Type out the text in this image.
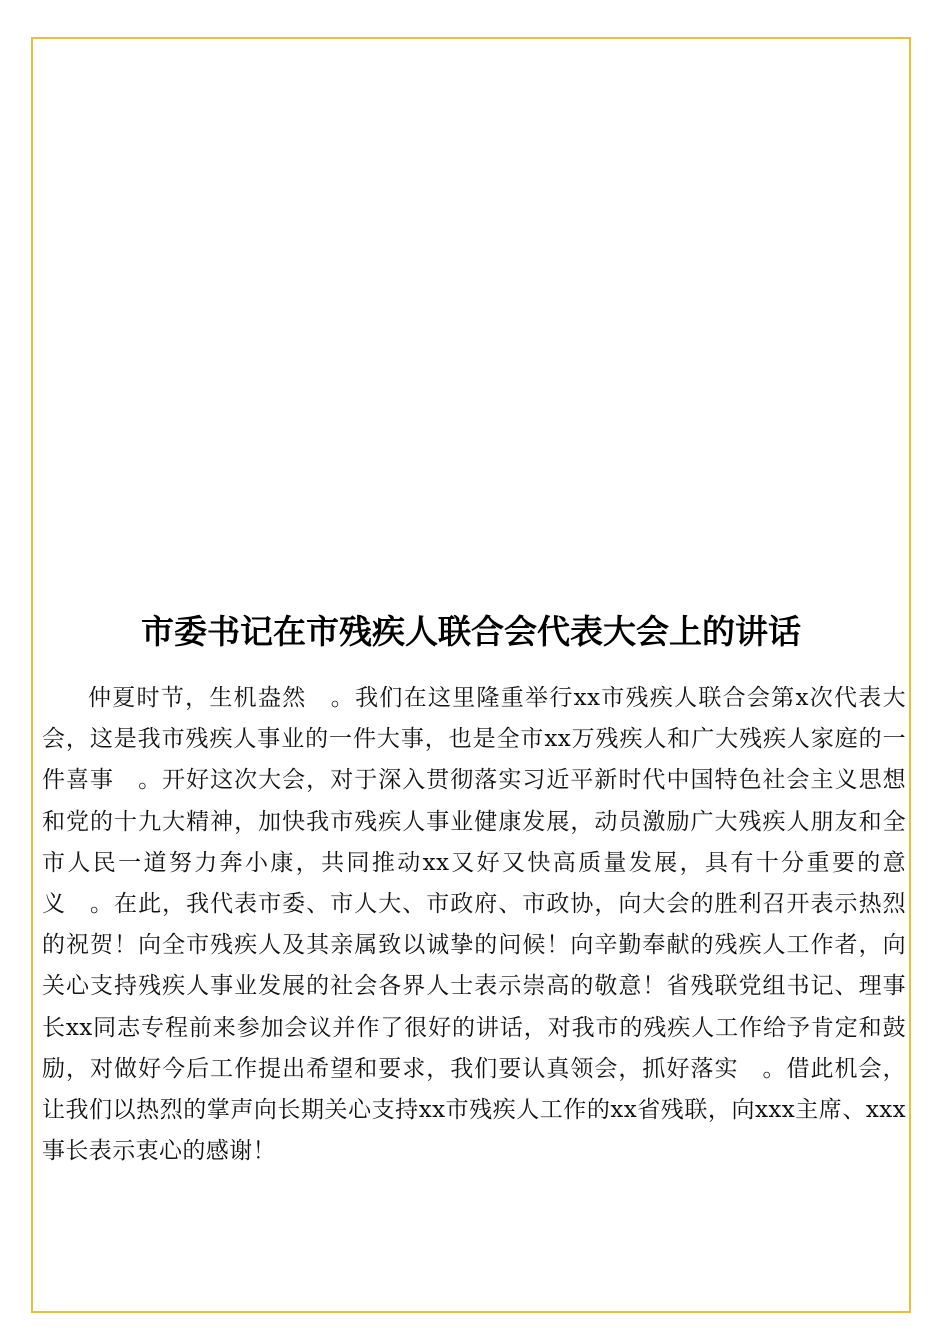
市委书记在市残疾人联合会代表大会上的讲话

仲夏时节，生机盎然　。我们在这里隆重举行xx市残疾人联合会第x次代表大会，这是我市残疾人事业的一件大事，也是全市xx万残疾人和广大残疾人家庭的一件喜事　。开好这次大会，对于深入贯彻落实习近平新时代中国特色社会主义思想和党的十九大精神，加快我市残疾人事业健康发展，动员激励广大残疾人朋友和全市人民一道努力奔小康，共同推动xx又好又快高质量发展，具有十分重要的意义　。在此，我代表市委、市人大、市政府、市政协，向大会的胜利召开表示热烈的祝贺！向全市残疾人及其亲属致以诚挚的问候！向辛勤奉献的残疾人工作者，向关心支持残疾人事业发展的社会各界人士表示崇高的敬意！省残联党组书记、理事长xx同志专程前来参加会议并作了很好的讲话，对我市的残疾人工作给予肯定和鼓励，对做好今后工作提出希望和要求，我们要认真领会，抓好落实　。借此机会，让我们以热烈的掌声向长期关心支持xx市残疾人工作的xx省残联，向xxx主席、xxx事长表示衷心的感谢！
